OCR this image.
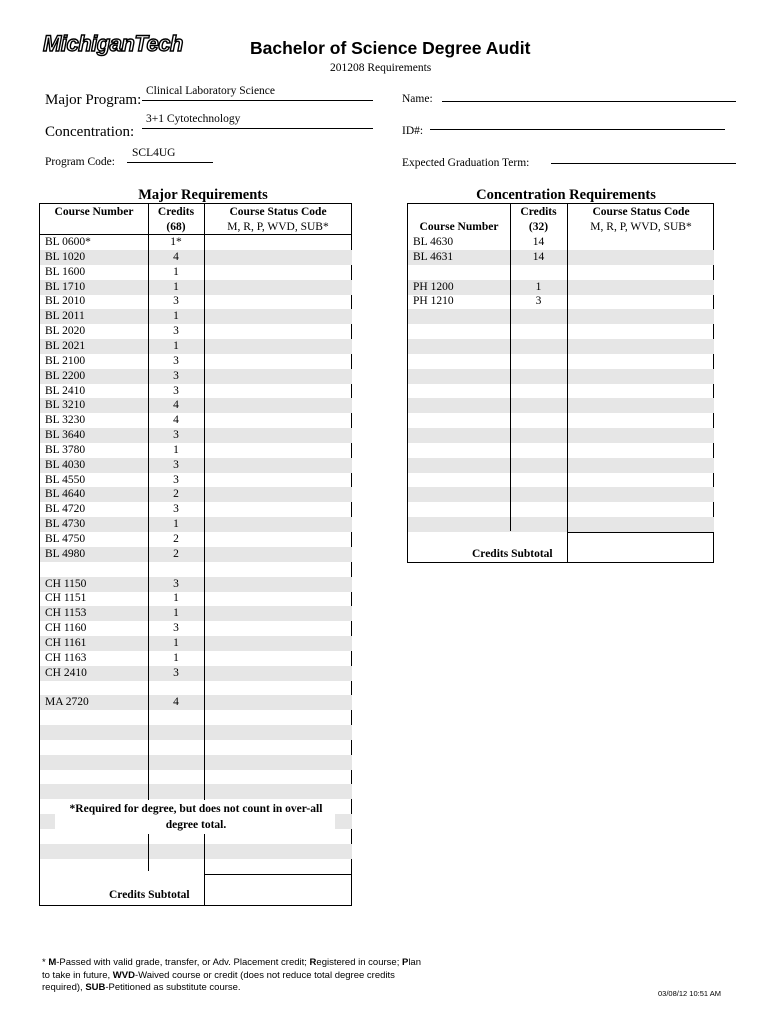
MichiganTech	Bachelor of Science Degree Audit
201208 Requirements
Major Program:
Clinical Laboratory Science
Concentration:
3+1 Cytotechnology
Program Code:
SCL4UG
Name:
ID#:
Expected Graduation Term:
Major Requirements
Course Number	Credits
(68)
Course Status Code
M, R, P, WVD, SUB*
BL 0600*	1*
BL 1020	4
BL 1600	1
BL 1710	1
BL 2010	3
BL 2011	1
BL 2020	3
BL 2021	1
BL 2100	3
BL 2200	3
BL 2410	3
BL 3210	4
BL 3230	4
BL 3640	3
BL 3780	1
BL 4030	3
BL 4550	3
BL 4640	2
BL 4720	3
BL 4730	1
BL 4750	2
BL 4980	2
CH 1150	3
CH 1151	1
CH 1153	1
CH 1160	3
CH 1161	1
CH 1163	1
CH 2410	3
MA 2720	4
*Required for degree, but does not count in over-all degree total.
Credits Subtotal
Concentration Requirements
Course Number
Credits
(32)
Course Status Code
M, R, P, WVD, SUB*
BL 4630	14
BL 4631	14
PH 1200	1
PH 1210	3
Credits Subtotal
* M-Passed with valid grade, transfer, or Adv. Placement credit; Registered in course; Plan to take in future, WVD-Waived course or credit (does not reduce total degree credits required), SUB-Petitioned as substitute course.
03/08/12 10:51 AM
